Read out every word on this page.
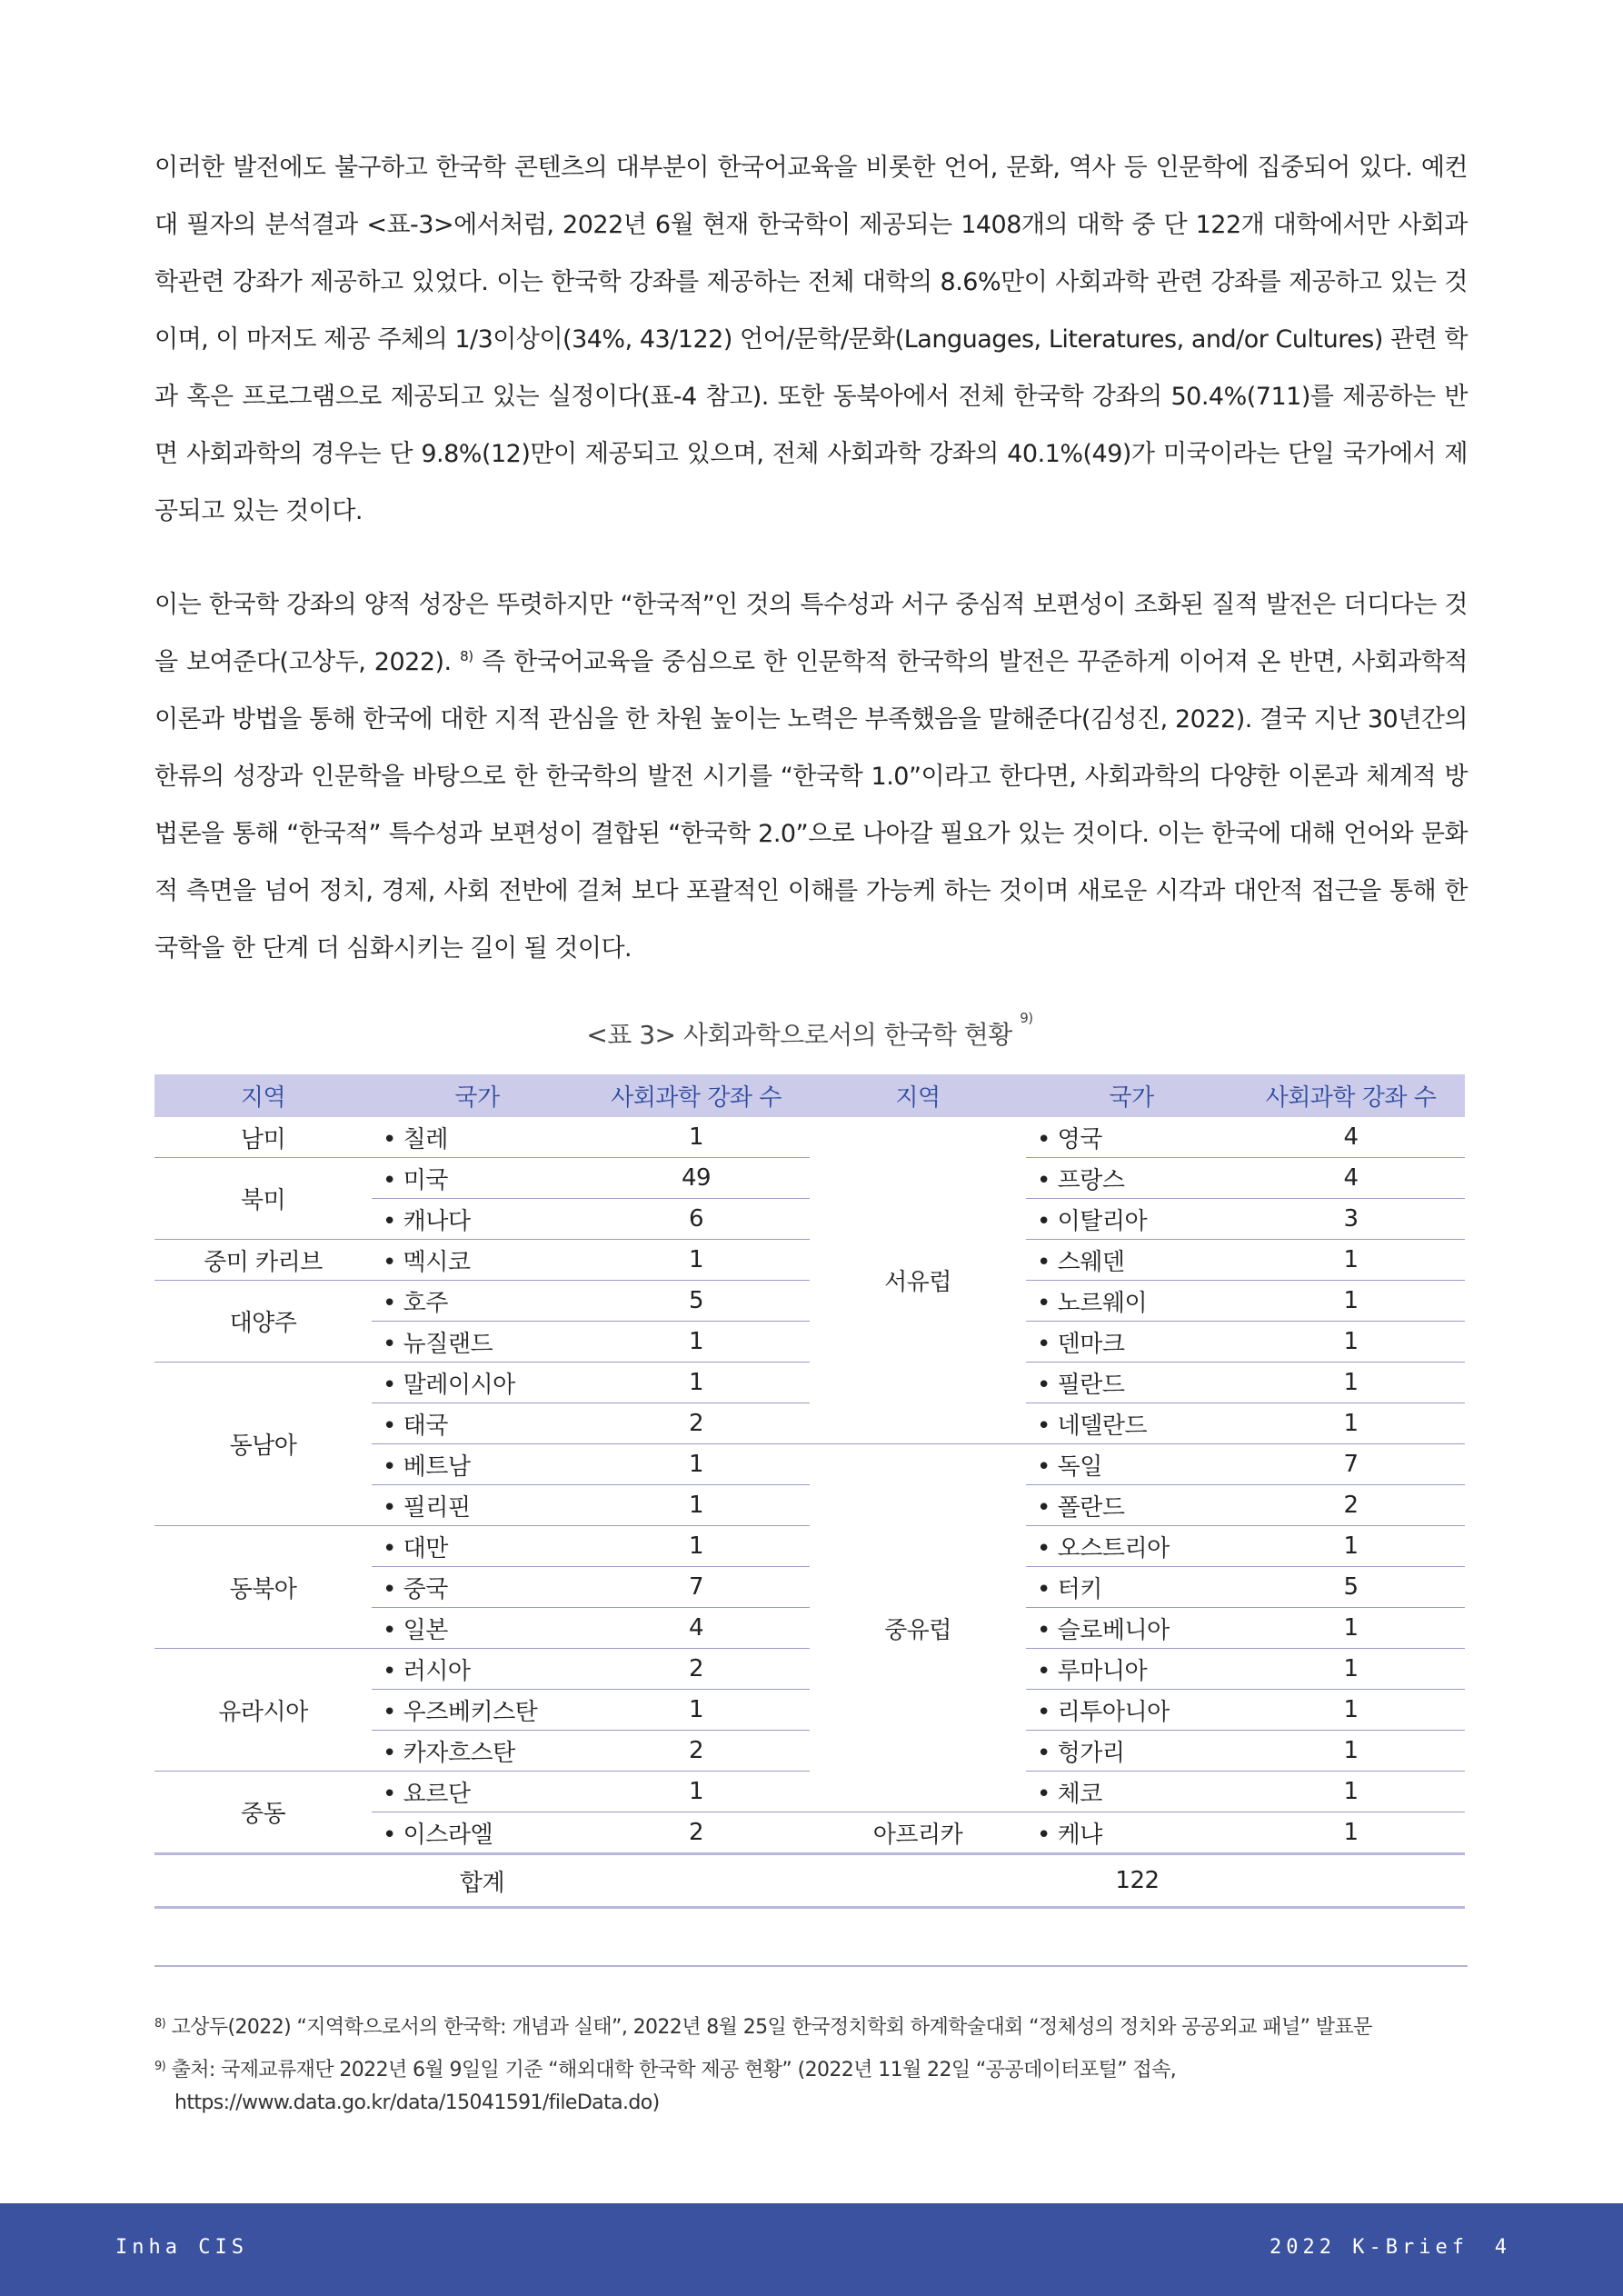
이러한 발전에도 불구하고 한국학 콘텐츠의 대부분이 한국어교육을 비롯한 언어, 문화, 역사 등 인문학에 집중되어 있다. 예컨대 필자의 분석결과 <표-3>에서처럼, 2022년 6월 현재 한국학이 제공되는 1408개의 대학 중 단 122개 대학에서만 사회과학관련 강좌가 제공하고 있었다. 이는 한국학 강좌를 제공하는 전체 대학의 8.6%만이 사회과학 관련 강좌를 제공하고 있는 것이며, 이 마저도 제공 주체의 1/3이상이(34%, 43/122) 언어/문학/문화(Languages, Literatures, and/or Cultures) 관련 학과 혹은 프로그램으로 제공되고 있는 실정이다(표-4 참고). 또한 동북아에서 전체 한국학 강좌의 50.4%(711)를 제공하는 반면 사회과학의 경우는 단 9.8%(12)만이 제공되고 있으며, 전체 사회과학 강좌의 40.1%(49)가 미국이라는 단일 국가에서 제공되고 있는 것이다.

이는 한국학 강좌의 양적 성장은 뚜렷하지만 “한국적”인 것의 특수성과 서구 중심적 보편성이 조화된 질적 발전은 더디다는 것을 보여준다(고상두, 2022). $^{8)}$ 즉 한국어교육을 중심으로 한 인문학적 한국학의 발전은 꾸준하게 이어져 온 반면, 사회과학적 이론과 방법을 통해 한국에 대한 지적 관심을 한 차원 높이는 노력은 부족했음을 말해준다(김성진, 2022). 결국 지난 30년간의 한류의 성장과 인문학을 바탕으로 한 한국학의 발전 시기를 “한국학 1.0”이라고 한다면, 사회과학의 다양한 이론과 체계적 방법론을 통해 “한국적” 특수성과 보편성이 결합된 “한국학 2.0”으로 나아갈 필요가 있는 것이다. 이는 한국에 대해 언어와 문화적 측면을 넘어 정치, 경제, 사회 전반에 걸쳐 보다 포괄적인 이해를 가능케 하는 것이며 새로운 시각과 대안적 접근을 통해 한국학을 한 단계 더 심화시키는 길이 될 것이다.

<표 3> 사회과학으로서의 한국학 현황 $^{9)}$
지역	국가	사회과학 강좌 수	지역	국가	사회과학 강좌 수
남미	• 칠레	1	서유럽	• 영국	4
북미	• 미국	49		• 프랑스	4
	• 캐나다	6		• 이탈리아	3
중미 카리브	• 멕시코	1		• 스웨덴	1
대양주	• 호주	5		• 노르웨이	1
	• 뉴질랜드	1		• 덴마크	1
동남아	• 말레이시아	1		• 필란드	1
	• 태국	2		• 네델란드	1
	• 베트남	1	중유럽	• 독일	7
	• 필리핀	1		• 폴란드	2
동북아	• 대만	1		• 오스트리아	1
	• 중국	7		• 터키	5
	• 일본	4		• 슬로베니아	1
유라시아	• 러시아	2		• 루마니아	1
	• 우즈베키스탄	1		• 리투아니아	1
	• 카자흐스탄	2		• 헝가리	1
중동	• 요르단	1		• 체코	1
	• 이스라엘	2	아프리카	• 케냐	1
합계			122		
$^{8)}$ 고상두(2022) “지역학으로서의 한국학: 개념과 실태”, 2022년 8월 25일 한국정치학회 하계학술대회 “정체성의 정치와 공공외교 패널” 발표문
$^{9)}$ 출처: 국제교류재단 2022년 6월 9일일 기준 “해외대학 한국학 제공 현황” (2022년 11월 22일 “공공데이터포털” 접속,
https://www.data.go.kr/data/15041591/fileData.do)
Inha CIS	2022 K-Brief	4
